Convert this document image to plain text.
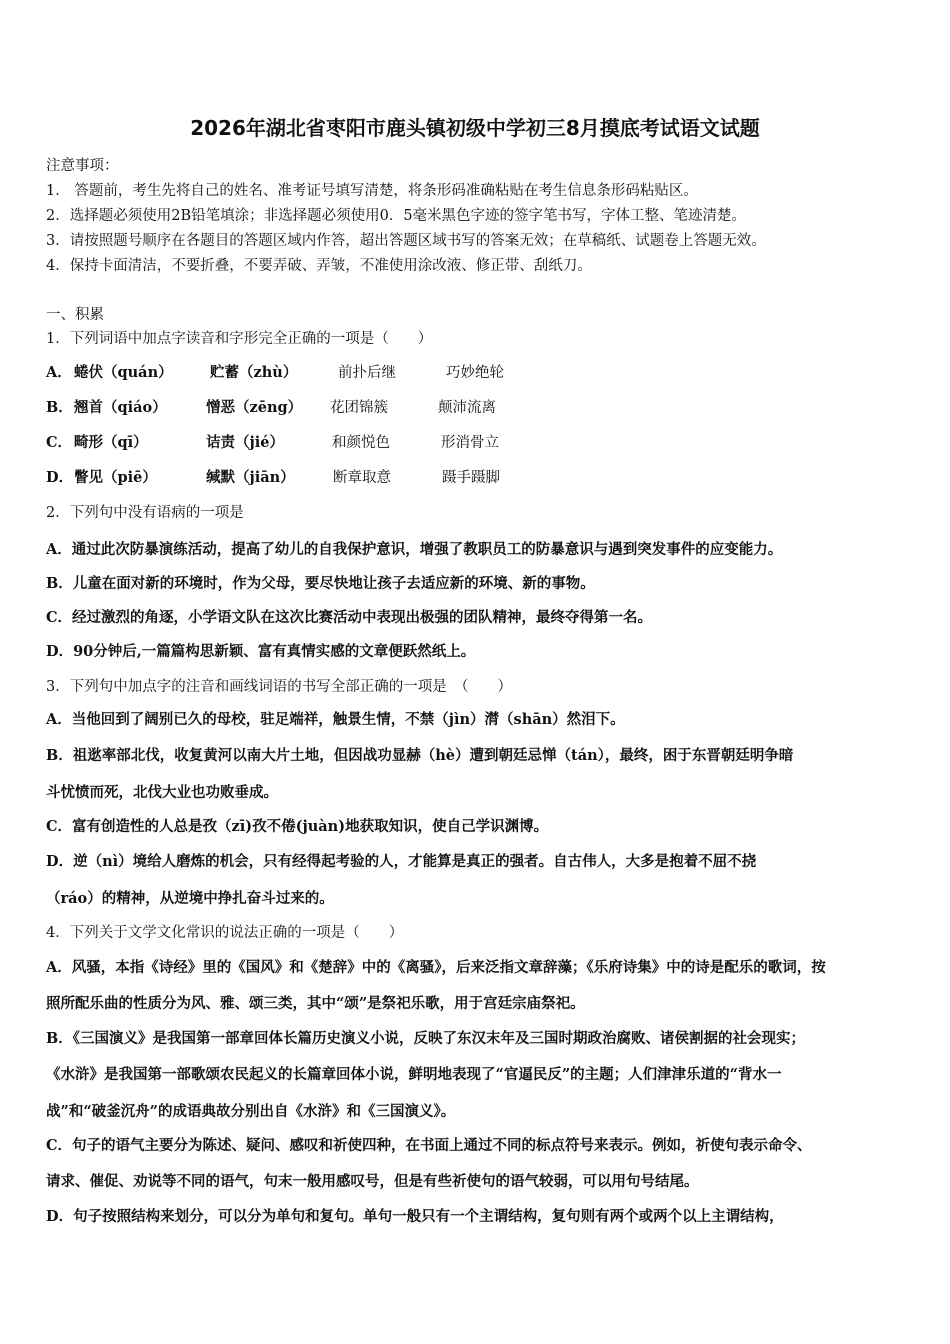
2026年湖北省枣阳市鹿头镇初级中学初三8月摸底考试语文试题
注意事项：
1． 答题前，考生先将自己的姓名、准考证号填写清楚，将条形码准确粘贴在考生信息条形码粘贴区。
2．选择题必须使用2B铅笔填涂；非选择题必须使用0．5毫米黑色字迹的签字笔书写，字体工整、笔迹清楚。
3．请按照题号顺序在各题目的答题区域内作答，超出答题区域书写的答案无效；在草稿纸、试题卷上答题无效。
4．保持卡面清洁，不要折叠，不要弄破、弄皱，不准使用涂改液、修正带、刮纸刀。
一、积累
1．下列词语中加点字读音和字形完全正确的一项是（　　）
A． 蜷伏（quán）	贮蓄（zhù）	前扑后继	巧妙绝轮
B． 翘首（qiáo）	憎恶（zēng） 花团锦簇	颠沛流离
C． 畸形（qī）	诘责（jié）	和颜悦色	形消骨立
D． 瞥见（piē）	缄默（jiān）	断章取意	蹑手蹑脚
2．下列句中没有语病的一项是
A．通过此次防暴演练活动，提高了幼儿的自我保护意识，增强了教职员工的防暴意识与遇到突发事件的应变能力。
B．儿童在面对新的环境时，作为父母，要尽快地让孩子去适应新的环境、新的事物。
C．经过激烈的角逐，小学语文队在这次比赛活动中表现出极强的团队精神，最终夺得第一名。
D．90分钟后,一篇篇构思新颖、富有真情实感的文章便跃然纸上。
3．下列句中加点字的注音和画线词语的书写全部正确的一项是　（　　）
A．当他回到了阔别已久的母校，驻足端祥，触景生情，不禁（jìn）潸（shān）然泪下。
B．祖逖率部北伐，收复黄河以南大片土地，但因战功显赫（hè）遭到朝廷忌惮（tán），最终，困于东晋朝廷明争暗
斗忧愤而死，北伐大业也功败垂成。
C．富有创造性的人总是孜（zī)孜不倦(juàn)地获取知识，使自己学识渊博。
D．逆（nì）境给人磨炼的机会，只有经得起考验的人，才能算是真正的强者。自古伟人，大多是抱着不屈不挠
（ráo）的精神，从逆境中挣扎奋斗过来的。
4．下列关于文学文化常识的说法正确的一项是（　　）
A．风骚，本指《诗经》里的《国风》和《楚辞》中的《离骚》，后来泛指文章辞藻；《乐府诗集》中的诗是配乐的歌词，按
照所配乐曲的性质分为风、雅、颂三类，其中“颂”是祭祀乐歌，用于宫廷宗庙祭祀。
B．《三国演义》是我国第一部章回体长篇历史演义小说，反映了东汉末年及三国时期政治腐败、诸侯割据的社会现实；
《水浒》是我国第一部歌颂农民起义的长篇章回体小说，鲜明地表现了“官逼民反”的主题；人们津津乐道的“背水一
战”和“破釜沉舟”的成语典故分别出自《水浒》和《三国演义》。
C．句子的语气主要分为陈述、疑问、感叹和祈使四种，在书面上通过不同的标点符号来表示。例如，祈使句表示命令、
请求、催促、劝说等不同的语气，句末一般用感叹号，但是有些祈使句的语气较弱，可以用句号结尾。
D．句子按照结构来划分，可以分为单句和复句。单句一般只有一个主谓结构，复句则有两个或两个以上主谓结构，
